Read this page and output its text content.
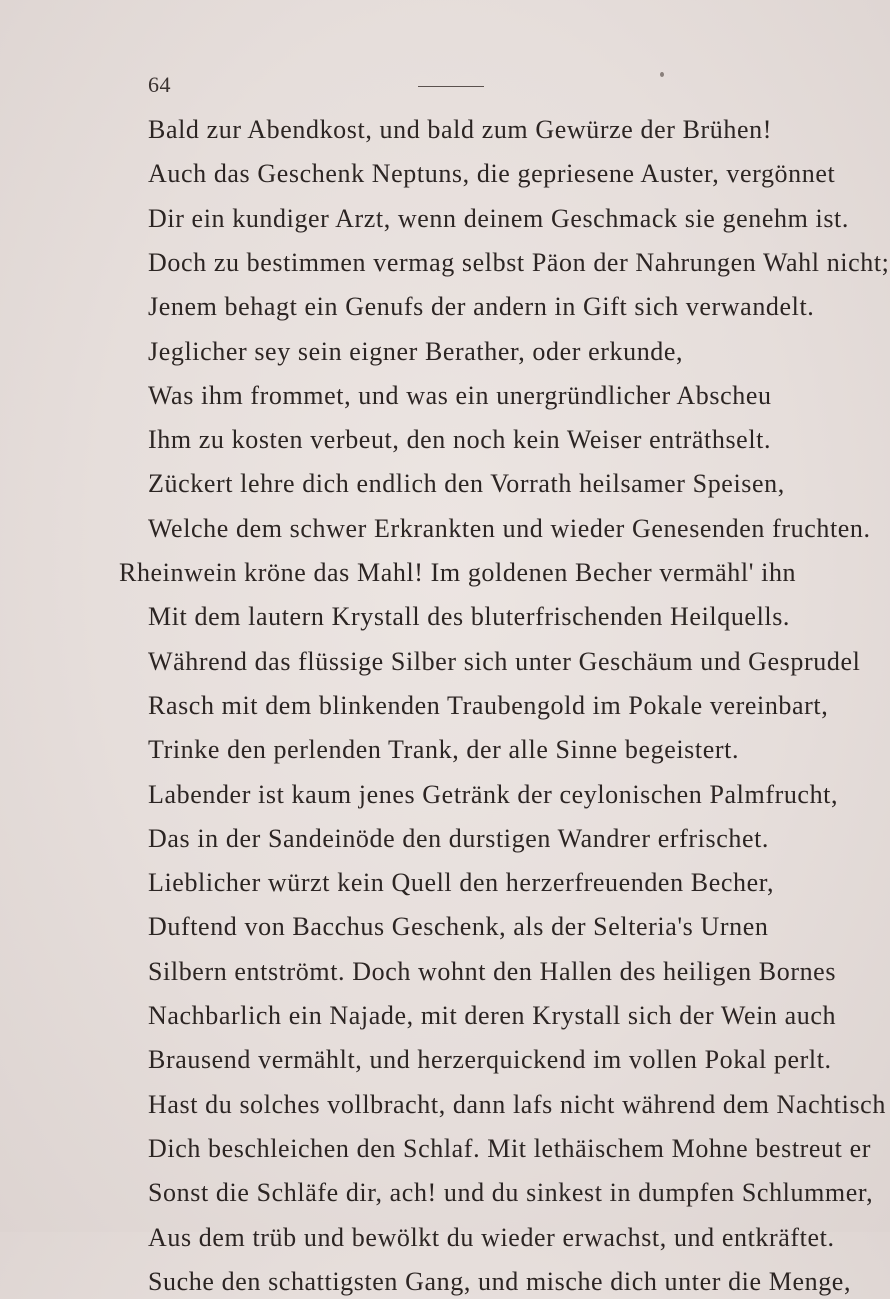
64
Bald zur Abendkost, und bald zum Gewürze der Brühen!
Auch das Geschenk Neptuns, die gepriesene Auster, vergönnet
Dir ein kundiger Arzt, wenn deinem Geschmack sie genehm ist.
Doch zu bestimmen vermag selbst Päon der Nahrungen Wahl nicht;
Jenem behagt ein Genufs der andern in Gift sich verwandelt.
Jeglicher sey sein eigner Berather, oder erkunde,
Was ihm frommet, und was ein unergründlicher Abscheu
Ihm zu kosten verbeut, den noch kein Weiser enträthselt.
Zückert lehre dich endlich den Vorrath heilsamer Speisen,
Welche dem schwer Erkrankten und wieder Genesenden fruchten.
Rheinwein kröne das Mahl! Im goldenen Becher vermähl' ihn
Mit dem lautern Krystall des bluterfrischenden Heilquells.
Während das flüssige Silber sich unter Geschäum und Gesprudel
Rasch mit dem blinkenden Traubengold im Pokale vereinbart,
Trinke den perlenden Trank, der alle Sinne begeistert.
Labender ist kaum jenes Getränk der ceylonischen Palmfrucht,
Das in der Sandeinöde den durstigen Wandrer erfrischet.
Lieblicher würzt kein Quell den herzerfreuenden Becher,
Duftend von Bacchus Geschenk, als der Selteria's Urnen
Silbern entströmt. Doch wohnt den Hallen des heiligen Bornes
Nachbarlich ein Najade, mit deren Krystall sich der Wein auch
Brausend vermählt, und herzerquickend im vollen Pokal perlt.
Hast du solches vollbracht, dann lafs nicht während dem Nachtisch
Dich beschleichen den Schlaf. Mit lethäischem Mohne bestreut er
Sonst die Schläfe dir, ach! und du sinkest in dumpfen Schlummer,
Aus dem trüb und bewölkt du wieder erwachst, und entkräftet.
Suche den schattigsten Gang, und mische dich unter die Menge,
